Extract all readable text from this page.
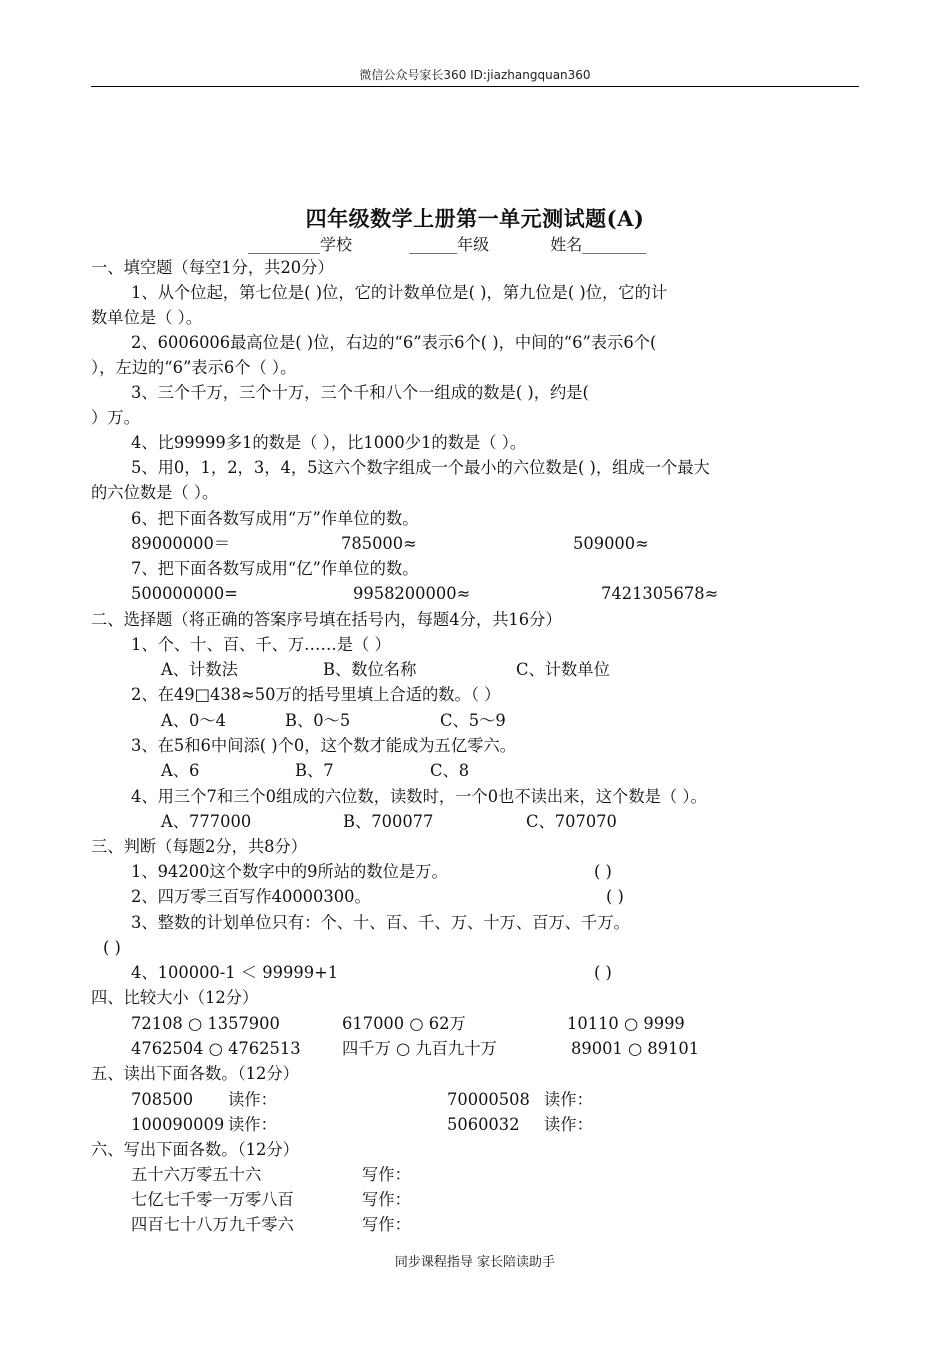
微信公众号家长360 ID:jiazhangquan360
四年级数学上册第一单元测试题(A)
_________学校	______年级	姓名________
一、填空题（每空1分，共20分）
1、从个位起，第七位是( )位，它的计数单位是( )，第九位是( )位，它的计
数单位是（ ）。
2、6006006最高位是( )位，右边的“6”表示6个( )，中间的“6”表示6个(
），左边的“6”表示6个（ ）。
3、三个千万，三个十万，三个千和八个一组成的数是( )，约是(
）万。
4、比99999多1的数是（ ），比1000少1的数是（ ）。
5、用0，1，2，3，4，5这六个数字组成一个最小的六位数是( )，组成一个最大
的六位数是（ ）。
6、把下面各数写成用“万”作单位的数。
89000000＝	785000≈	509000≈
7、把下面各数写成用“亿”作单位的数。
500000000=	9958200000≈	7421305678≈
二、选择题（将正确的答案序号填在括号内，每题4分，共16分）
1、个、十、百、千、万……是（ ）
A、计数法	B、数位名称	C、计数单位
2、在49□438≈50万的括号里填上合适的数。（ ）
A、0～4	B、0～5	C、5～9
3、在5和6中间添( )个0，这个数才能成为五亿零六。
A、6	B、7	C、8
4、用三个7和三个0组成的六位数，读数时，一个0也不读出来，这个数是（ ）。
A、777000	B、700077	C、707070
三、判断（每题2分，共8分）
1、94200这个数字中的9所站的数位是万。	( )
2、四万零三百写作40000300。	( )
3、整数的计划单位只有：个、十、百、千、万、十万、百万、千万。
( )
4、100000-1 ＜ 99999+1	( )
四、比较大小（12分）
72108 ○ 1357900	617000 ○ 62万	10110 ○ 9999
4762504 ○ 4762513	四千万 ○ 九百九十万	89001 ○ 89101
五、读出下面各数。（12分）
708500 读作：	70000508 读作：
100090009 读作：	5060032 读作：
六、写出下面各数。（12分）
五十六万零五十六	写作：
七亿七千零一万零八百	写作：
四百七十八万九千零六	写作：
同步课程指导 家长陪读助手
